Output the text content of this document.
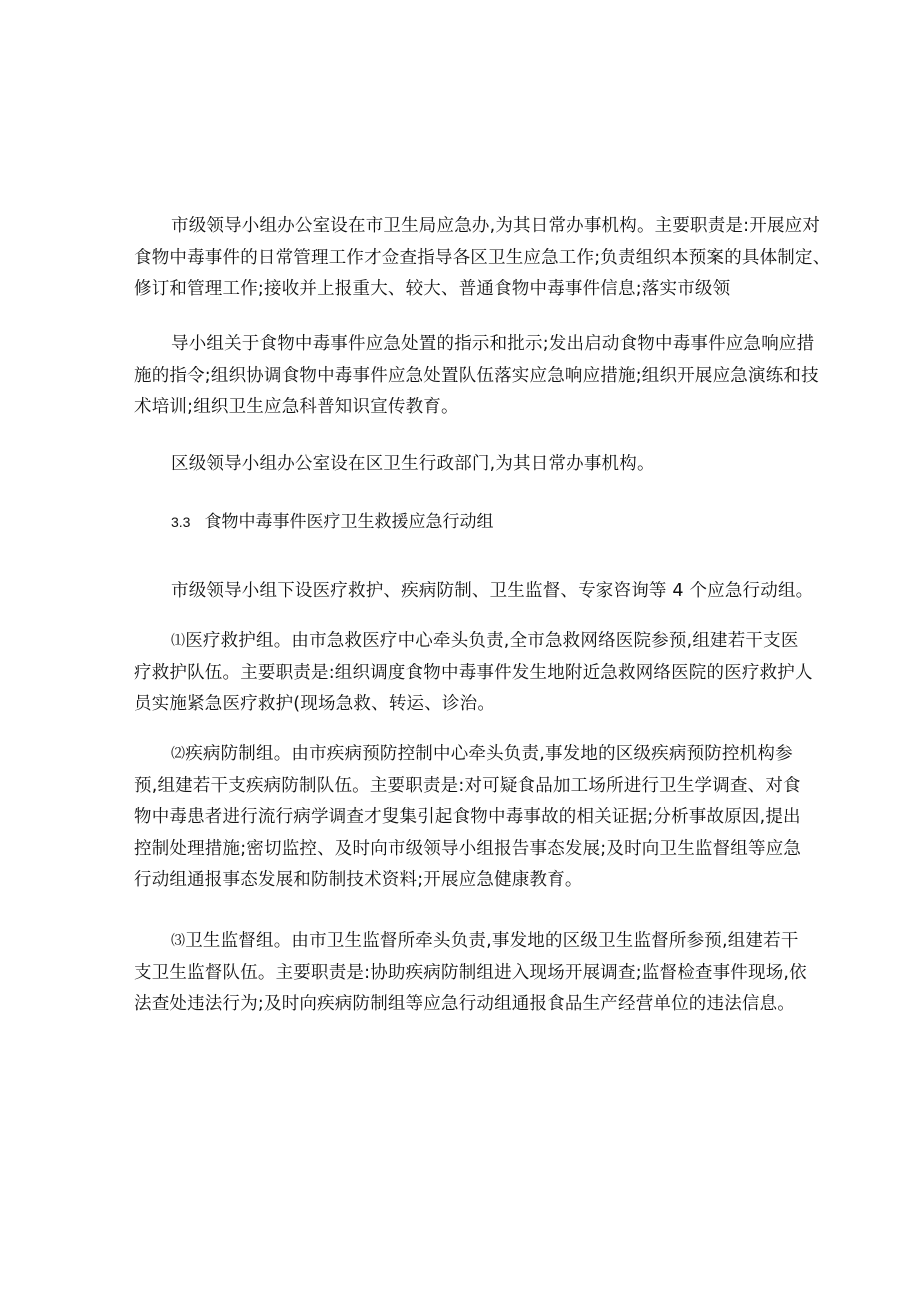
市级领导小组办公室设在市卫生局应急办,为其日常办事机构。主要职责是:开展应对
食物中毒事件的日常管理工作才佥查指导各区卫生应急工作;负责组织本预案的具体制定、
修订和管理工作;接收并上报重大、较大、普通食物中毒事件信息;落实市级领
导小组关于食物中毒事件应急处置的指示和批示;发出启动食物中毒事件应急响应措
施的指令;组织协调食物中毒事件应急处置队伍落实应急响应措施;组织开展应急演练和技
术培训;组织卫生应急科普知识宣传教育。
区级领导小组办公室设在区卫生行政部门,为其日常办事机构。
3.3 食物中毒事件医疗卫生救援应急行动组
市级领导小组下设医疗救护、疾病防制、卫生监督、专家咨询等 4 个应急行动组。
⑴医疗救护组。由市急救医疗中心牵头负责,全市急救网络医院参预,组建若干支医
疗救护队伍。主要职责是:组织调度食物中毒事件发生地附近急救网络医院的医疗救护人
员实施紧急医疗救护(现场急救、转运、诊治。
⑵疾病防制组。由市疾病预防控制中心牵头负责,事发地的区级疾病预防控机构参
预,组建若干支疾病防制队伍。主要职责是:对可疑食品加工场所进行卫生学调查、对食
物中毒患者进行流行病学调查才叟集引起食物中毒事故的相关证据;分析事故原因,提出
控制处理措施;密切监控、及时向市级领导小组报告事态发展;及时向卫生监督组等应急
行动组通报事态发展和防制技术资料;开展应急健康教育。
⑶卫生监督组。由市卫生监督所牵头负责,事发地的区级卫生监督所参预,组建若干
支卫生监督队伍。主要职责是:协助疾病防制组进入现场开展调查;监督检查事件现场,依
法查处违法行为;及时向疾病防制组等应急行动组通报食品生产经营单位的违法信息。
